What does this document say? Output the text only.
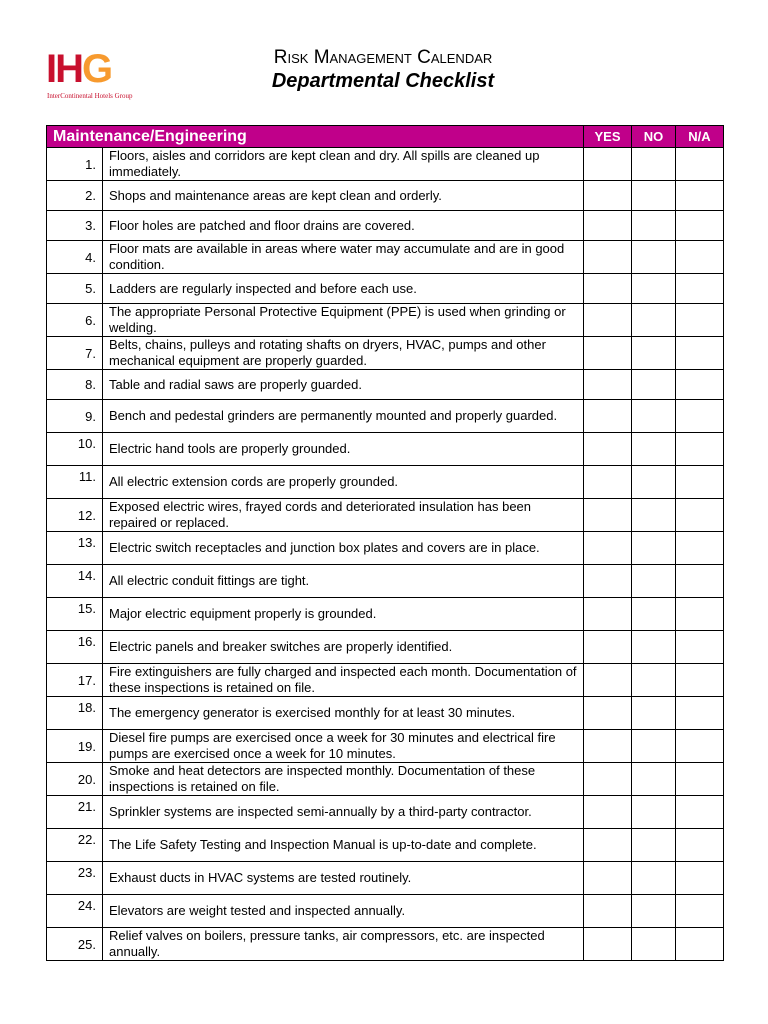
IHG
InterContinental Hotels Group
Risk Management Calendar
Departmental Checklist
Maintenance/Engineering		YES	NO	N/A
1.	Floors, aisles and corridors are kept clean and dry. All spills are cleaned up immediately.			
2.	Shops and maintenance areas are kept clean and orderly.			
3.	Floor holes are patched and floor drains are covered.			
4.	Floor mats are available in areas where water may accumulate and are in good condition.			
5.	Ladders are regularly inspected and before each use.			
6.	The appropriate Personal Protective Equipment (PPE) is used when grinding or welding.			
7.	Belts, chains, pulleys and rotating shafts on dryers, HVAC, pumps and other mechanical equipment are properly guarded.			
8.	Table and radial saws are properly guarded.			
9.	Bench and pedestal grinders are permanently mounted and properly guarded.			
10.	Electric hand tools are properly grounded.			
11.	All electric extension cords are properly grounded.			
12.	Exposed electric wires, frayed cords and deteriorated insulation has been repaired or replaced.			
13.	Electric switch receptacles and junction box plates and covers are in place.			
14.	All electric conduit fittings are tight.			
15.	Major electric equipment properly is grounded.			
16.	Electric panels and breaker switches are properly identified.			
17.	Fire extinguishers are fully charged and inspected each month. Documentation of these inspections is retained on file.			
18.	The emergency generator is exercised monthly for at least 30 minutes.			
19.	Diesel fire pumps are exercised once a week for 30 minutes and electrical fire pumps are exercised once a week for 10 minutes.			
20.	Smoke and heat detectors are inspected monthly. Documentation of these inspections is retained on file.			
21.	Sprinkler systems are inspected semi-annually by a third-party contractor.			
22.	The Life Safety Testing and Inspection Manual is up-to-date and complete.			
23.	Exhaust ducts in HVAC systems are tested routinely.			
24.	Elevators are weight tested and inspected annually.			
25.	Relief valves on boilers, pressure tanks, air compressors, etc. are inspected annually.			
